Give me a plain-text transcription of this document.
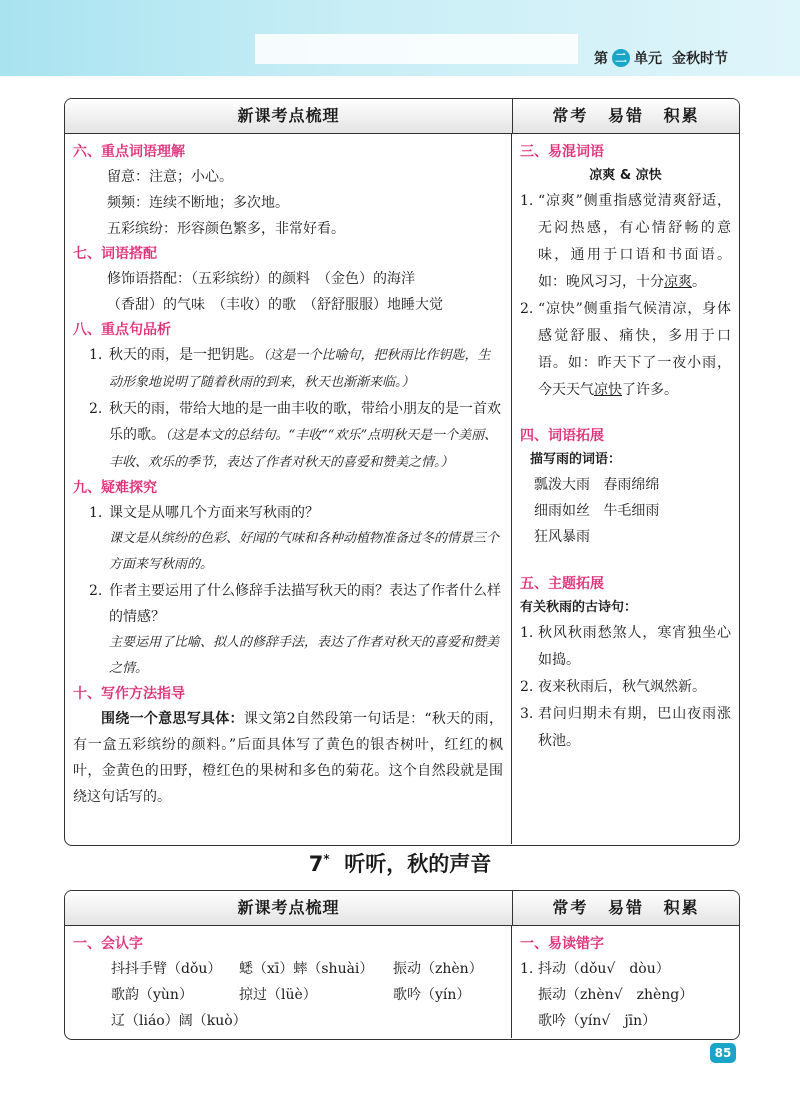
第 二 单元 金秋时节
新课考点梳理	常考 易错 积累
六、重点词语理解
留意：注意；小心。
频频：连续不断地；多次地。
五彩缤纷：形容颜色繁多，非常好看。
七、词语搭配
修饰语搭配：（五彩缤纷）的颜料　（金色）的海洋
（香甜）的气味　（丰收）的歌　（舒舒服服）地睡大觉
八、重点句品析
1. 秋天的雨，是一把钥匙。（这是一个比喻句，把秋雨比作钥匙，生动形象地说明了随着秋雨的到来，秋天也渐渐来临。）
2. 秋天的雨，带给大地的是一曲丰收的歌，带给小朋友的是一首欢乐的歌。（这是本文的总结句。“丰收”“欢乐”点明秋天是一个美丽、丰收、欢乐的季节，表达了作者对秋天的喜爱和赞美之情。）
九、疑难探究
1. 课文是从哪几个方面来写秋雨的？
课文是从缤纷的色彩、好闻的气味和各种动植物准备过冬的情景三个方面来写秋雨的。
2. 作者主要运用了什么修辞手法描写秋天的雨？表达了作者什么样的情感？
主要运用了比喻、拟人的修辞手法，表达了作者对秋天的喜爱和赞美之情。
十、写作方法指导
围绕一个意思写具体：课文第2自然段第一句话是：“秋天的雨，有一盒五彩缤纷的颜料。”后面具体写了黄色的银杏树叶，红红的枫叶，金黄色的田野，橙红色的果树和多色的菊花。这个自然段就是围绕这句话写的。
三、易混词语
凉爽 & 凉快
1. “凉爽”侧重指感觉清爽舒适，无闷热感，有心情舒畅的意味，通用于口语和书面语。如：晚风习习，十分凉爽。
2. “凉快”侧重指气候清凉，身体感觉舒服、痛快，多用于口语。如：昨天下了一夜小雨，今天天气凉快了许多。
四、词语拓展
描写雨的词语：
瓢泼大雨 春雨绵绵
细雨如丝 牛毛细雨
狂风暴雨
五、主题拓展
有关秋雨的古诗句：
1. 秋风秋雨愁煞人，寒宵独坐心如捣。
2. 夜来秋雨后，秋气飒然新。
3. 君问归期未有期，巴山夜雨涨秋池。
7* 听听，秋的声音
新课考点梳理	常考 易错 积累
一、会认字
抖抖手臂（dǒu）	蟋（xī）蟀（shuài）	振动（zhèn）
歌韵（yùn）	掠过（lüè）	歌吟（yín）
辽（liáo）阔（kuò）
一、易读错字
1. 抖动（dǒu√　dòu）
振动（zhèn√　zhèng）
歌吟（yín√　jīn）
85
